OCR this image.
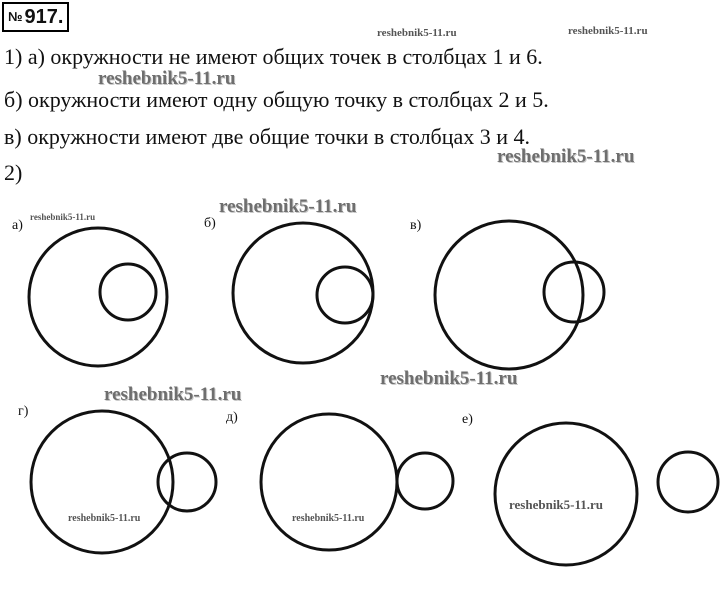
№ 917.
1) а) окружности не имеют общих точек в столбцах 1 и 6.
б) окружности имеют одну общую точку в столбцах 2 и 5.
в) окружности имеют две общие точки в столбцах 3 и 4.
2)
reshebnik5-11.ru	reshebnik5-11.ru
reshebnik5-11.ru
reshebnik5-11.ru
reshebnik5-11.ru
reshebnik5-11.ru
reshebnik5-11.ru
reshebnik5-11.ru
reshebnik5-11.ru	reshebnik5-11.ru
reshebnik5-11.ru
а)	б)	в)
г)	д)	е)
